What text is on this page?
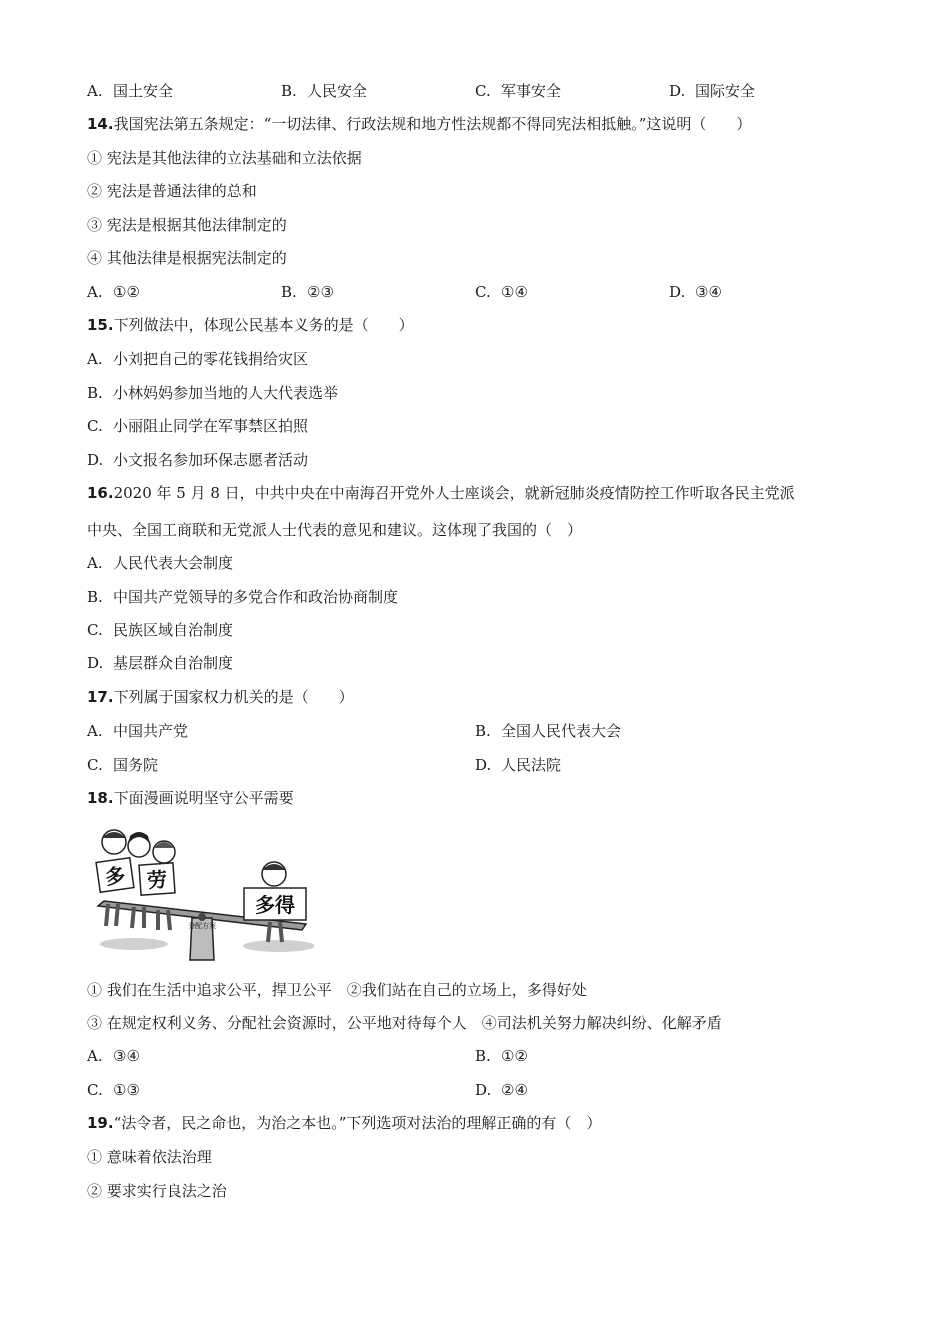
A. 国土安全	B. 人民安全	C. 军事安全	D. 国际安全
14.我国宪法第五条规定：“一切法律、行政法规和地方性法规都不得同宪法相抵触。”这说明（　　）
① 宪法是其他法律的立法基础和立法依据
② 宪法是普通法律的总和
③ 宪法是根据其他法律制定的
④ 其他法律是根据宪法制定的
A. ①②	B. ②③	C. ①④	D. ③④
15.下列做法中，体现公民基本义务的是（　　）
A. 小刘把自己的零花钱捐给灾区
B. 小林妈妈参加当地的人大代表选举
C. 小丽阻止同学在军事禁区拍照
D. 小文报名参加环保志愿者活动
16.2020 年 5 月 8 日，中共中央在中南海召开党外人士座谈会，就新冠肺炎疫情防控工作听取各民主党派
中央、全国工商联和无党派人士代表的意见和建议。这体现了我国的（　）
A. 人民代表大会制度
B. 中国共产党领导的多党合作和政治协商制度
C. 民族区域自治制度
D. 基层群众自治制度
17.下列属于国家权力机关的是（　　）
A. 中国共产党	B. 全国人民代表大会
C. 国务院	D. 人民法院
18.下面漫画说明坚守公平需要
分配方案
多 劳
多得
① 我们在生活中追求公平，捍卫公平　②我们站在自己的立场上，多得好处
③ 在规定权利义务、分配社会资源时，公平地对待每个人　④司法机关努力解决纠纷、化解矛盾
A. ③④	B. ①②
C. ①③	D. ②④
19.“法令者，民之命也，为治之本也。”下列选项对法治的理解正确的有（　）
① 意味着依法治理
② 要求实行良法之治
